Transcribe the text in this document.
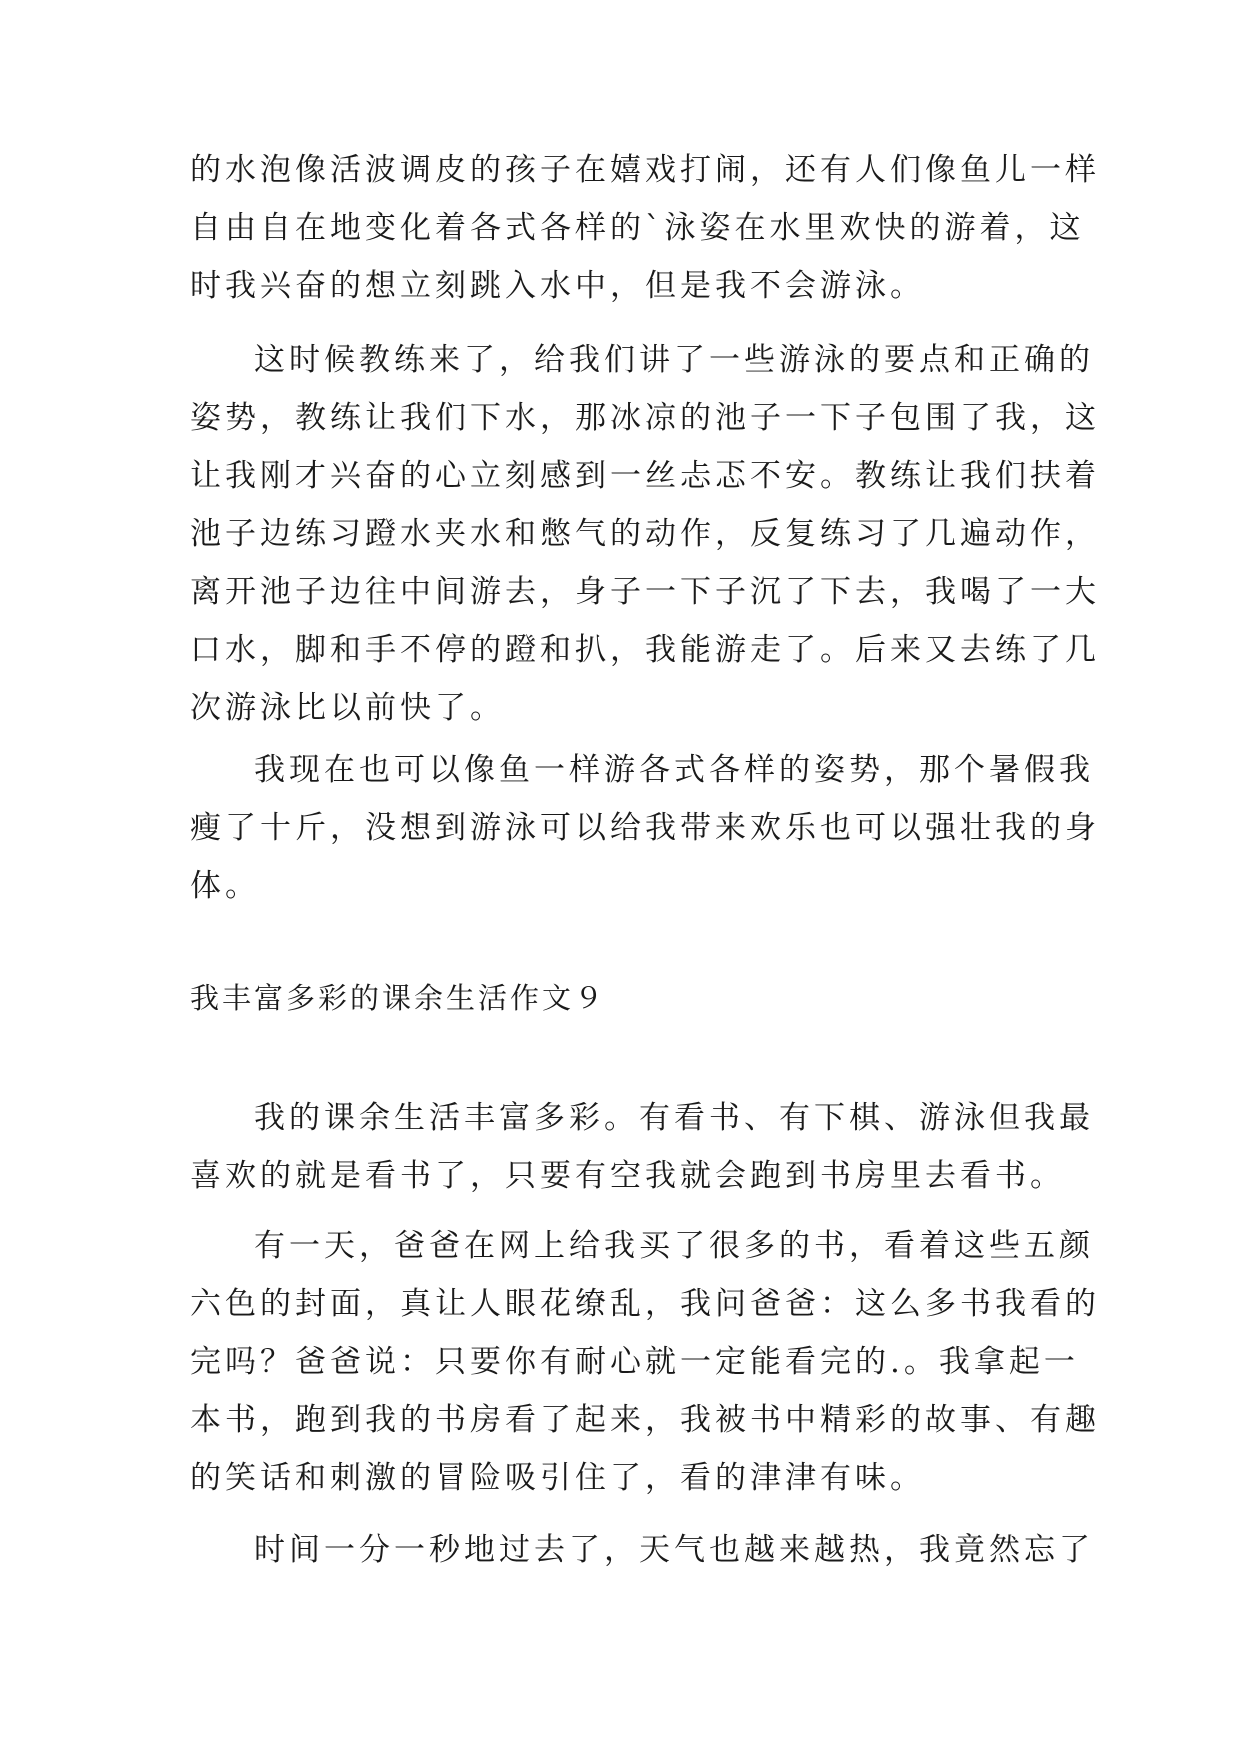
的水泡像活波调皮的孩子在嬉戏打闹，还有人们像鱼儿一样
自由自在地变化着各式各样的`泳姿在水里欢快的游着，这
时我兴奋的想立刻跳入水中，但是我不会游泳。
这时候教练来了，给我们讲了一些游泳的要点和正确的
姿势，教练让我们下水，那冰凉的池子一下子包围了我，这
让我刚才兴奋的心立刻感到一丝忐忑不安。教练让我们扶着
池子边练习蹬水夹水和憋气的动作，反复练习了几遍动作，
离开池子边往中间游去，身子一下子沉了下去，我喝了一大
口水，脚和手不停的蹬和扒，我能游走了。后来又去练了几
次游泳比以前快了。
我现在也可以像鱼一样游各式各样的姿势，那个暑假我
瘦了十斤，没想到游泳可以给我带来欢乐也可以强壮我的身
体。
我丰富多彩的课余生活作文９
我的课余生活丰富多彩。有看书、有下棋、游泳但我最
喜欢的就是看书了，只要有空我就会跑到书房里去看书。
有一天，爸爸在网上给我买了很多的书，看着这些五颜
六色的封面，真让人眼花缭乱，我问爸爸：这么多书我看的
完吗？爸爸说：只要你有耐心就一定能看完的.。我拿起一
本书，跑到我的书房看了起来，我被书中精彩的故事、有趣
的笑话和刺激的冒险吸引住了，看的津津有味。
时间一分一秒地过去了，天气也越来越热，我竟然忘了
